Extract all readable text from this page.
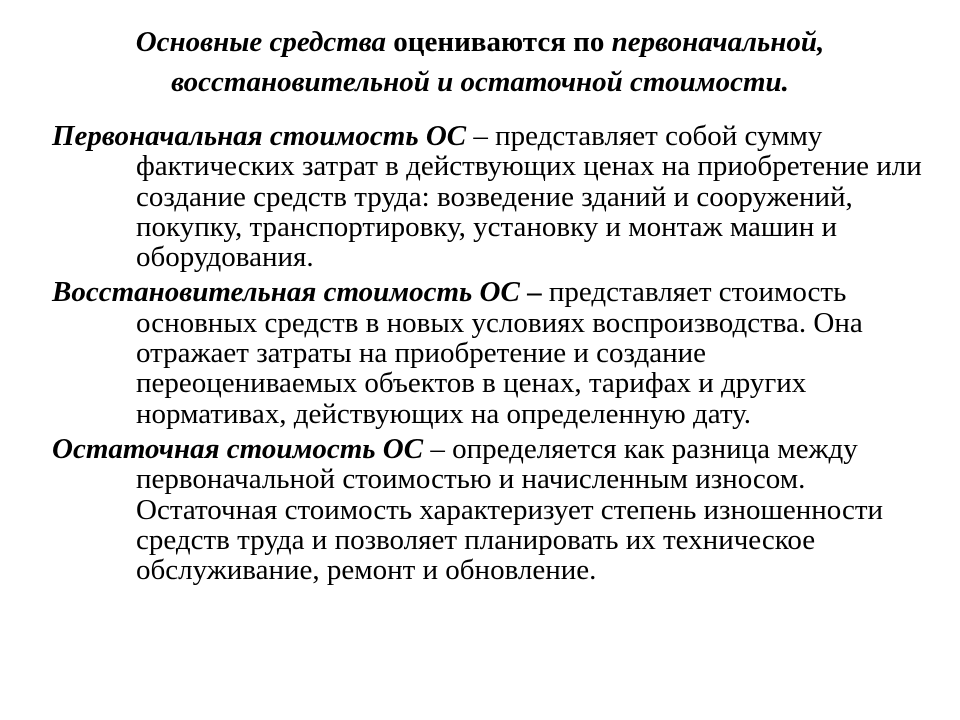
Основные средства оцениваются по первоначальной,
восстановительной и остаточной стоимости.

Первоначальная стоимость ОС – представляет собой сумму фактических затрат в действующих ценах на приобретение или создание средств труда: возведение зданий и сооружений, покупку, транспортировку, установку и монтаж машин и оборудования.

Восстановительная стоимость ОС – представляет стоимость основных средств в новых условиях воспроизводства. Она отражает затраты на приобретение и создание переоцениваемых объектов в ценах, тарифах и других нормативах, действующих на определенную дату.

Остаточная стоимость ОС – определяется как разница между первоначальной стоимостью и начисленным износом. Остаточная стоимость характеризует степень изношенности средств труда и позволяет планировать их техническое обслуживание, ремонт и обновление.
